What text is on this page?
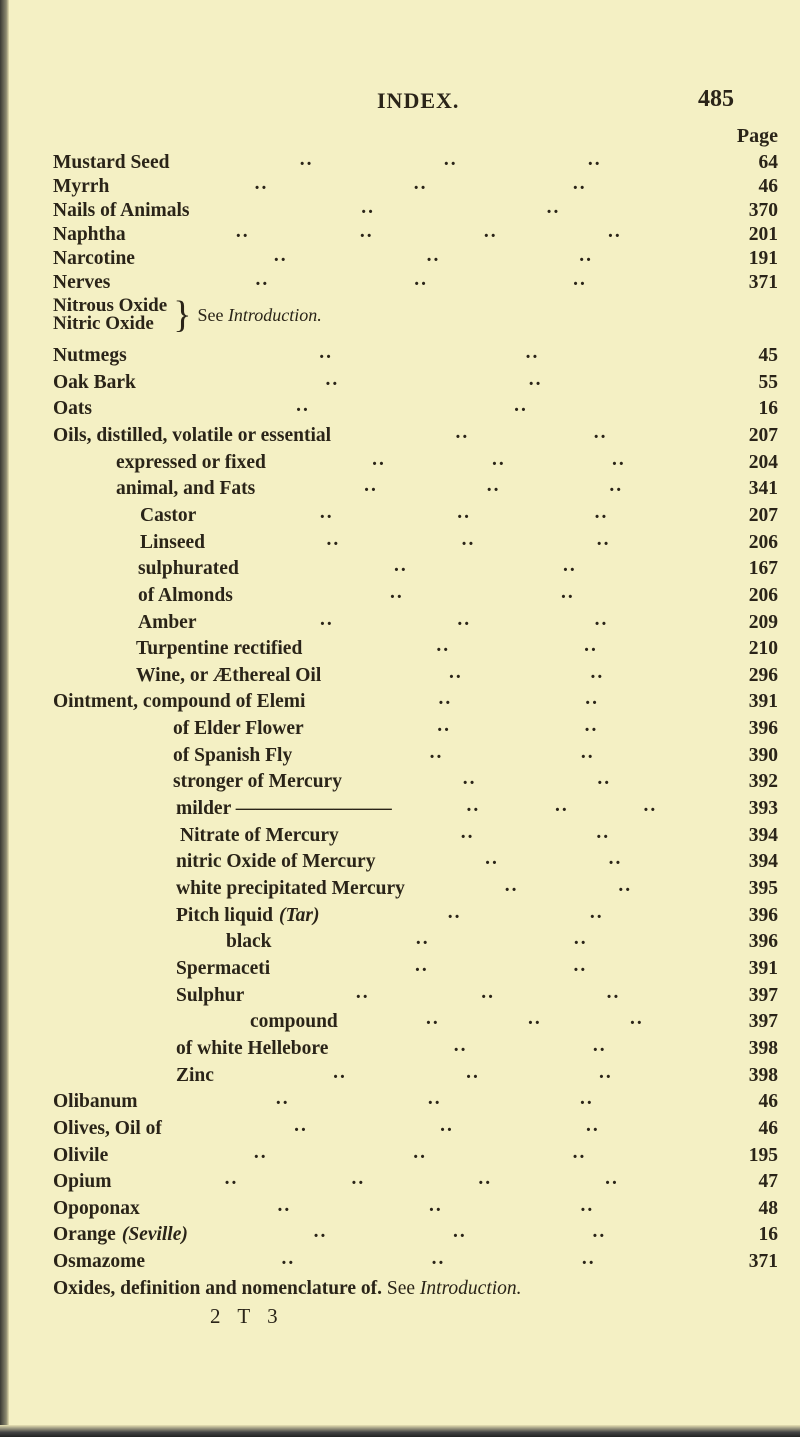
INDEX.	485
Page
Mustard Seed	..	..	..	64
Myrrh	..	..	..	46
Nails of Animals	..	..	370
Naphtha	..	..	..	..	201
Narcotine	..	..	..	191
Nerves	..	..	..	371
Nitrous Oxide
Nitric Oxide } See Introduction.
Nutmegs	..	..	45
Oak Bark	..	..	55
Oats	..	..	16
Oils, distilled, volatile or essential	..	..	207
expressed or fixed	..	..	..	204
animal, and Fats	..	..	..	341
Castor	..	..	..	207
Linseed	..	..	..	206
sulphurated	..	..	167
of Almonds	..	..	206
Amber	..	..	..	209
Turpentine rectified	..	..	210
Wine, or Æthereal Oil	..	..	296
Ointment, compound of Elemi	..	..	391
of Elder Flower	..	..	396
of Spanish Fly	..	..	390
stronger of Mercury	..	..	392
milder ————————	..	..	..	393
Nitrate of Mercury	..	..	394
nitric Oxide of Mercury	..	..	394
white precipitated Mercury	..	..	395
Pitch liquid (Tar)	..	..	396
black	..	..	396
Spermaceti	..	..	391
Sulphur	..	..	..	397
compound	..	..	..	397
of white Hellebore	..	..	398
Zinc	..	..	..	398
Olibanum	..	..	..	46
Olives, Oil of	..	..	..	46
Olivile	..	..	..	195
Opium	..	..	..	..	47
Opoponax	..	..	..	48
Orange (Seville)	..	..	..	16
Osmazome	..	..	..	371
Oxides, definition and nomenclature of. See Introduction.
2 T 3
